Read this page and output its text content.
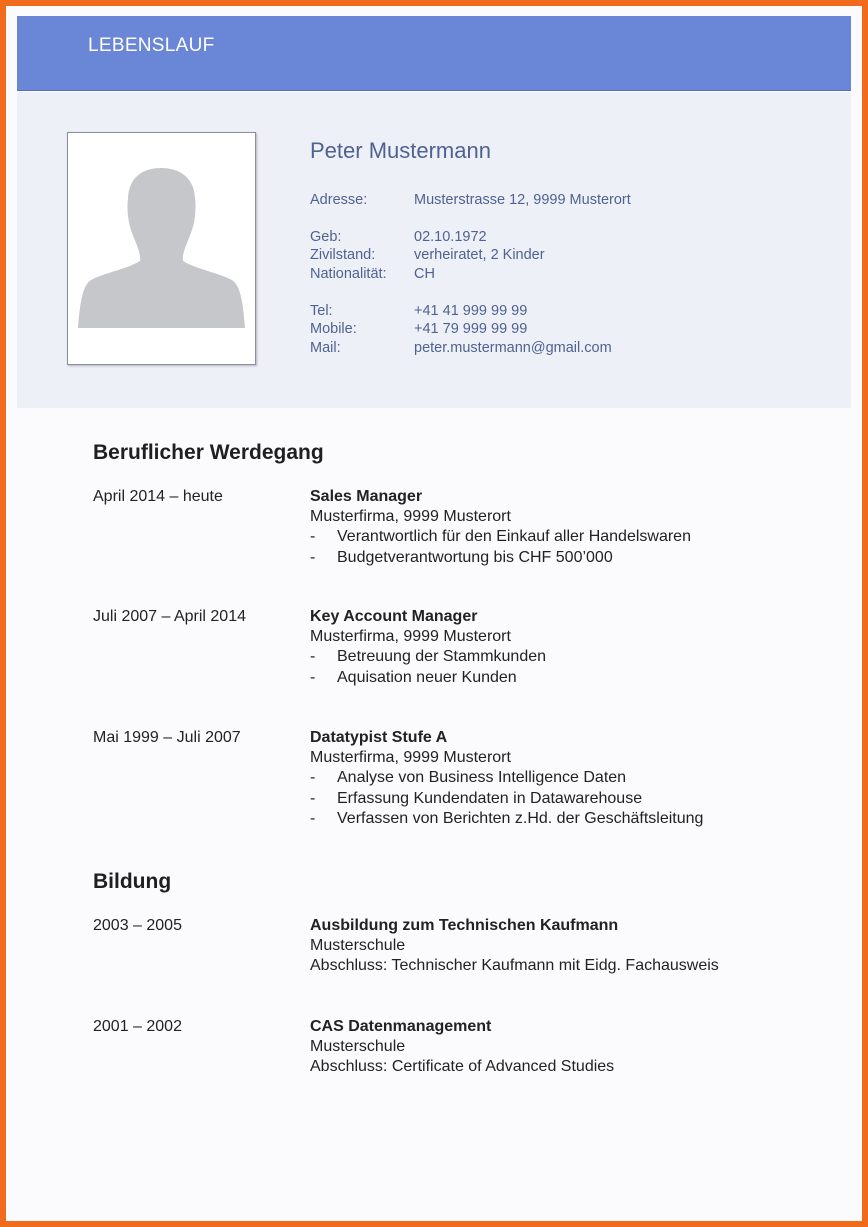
LEBENSLAUF
Peter Mustermann
Adresse:	Musterstrasse 12, 9999 Musterort
Geb:	02.10.1972
Zivilstand:	verheiratet, 2 Kinder
Nationalität: CH
Tel:	+41 41 999 99 99
Mobile:	+41 79 999 99 99
Mail:	peter.mustermann@gmail.com
Beruflicher Werdegang
April 2014 – heute	Sales Manager
Musterfirma, 9999 Musterort
- Verantwortlich für den Einkauf aller Handelswaren
- Budgetverantwortung bis CHF 500’000
Juli 2007 – April 2014	Key Account Manager
Musterfirma, 9999 Musterort
- Betreuung der Stammkunden
- Aquisation neuer Kunden
Mai 1999 – Juli 2007	Datatypist Stufe A
Musterfirma, 9999 Musterort
- Analyse von Business Intelligence Daten
- Erfassung Kundendaten in Datawarehouse
- Verfassen von Berichten z.Hd. der Geschäftsleitung
Bildung
2003 – 2005	Ausbildung zum Technischen Kaufmann
Musterschule
Abschluss: Technischer Kaufmann mit Eidg. Fachausweis
2001 – 2002	CAS Datenmanagement
Musterschule
Abschluss: Certificate of Advanced Studies
